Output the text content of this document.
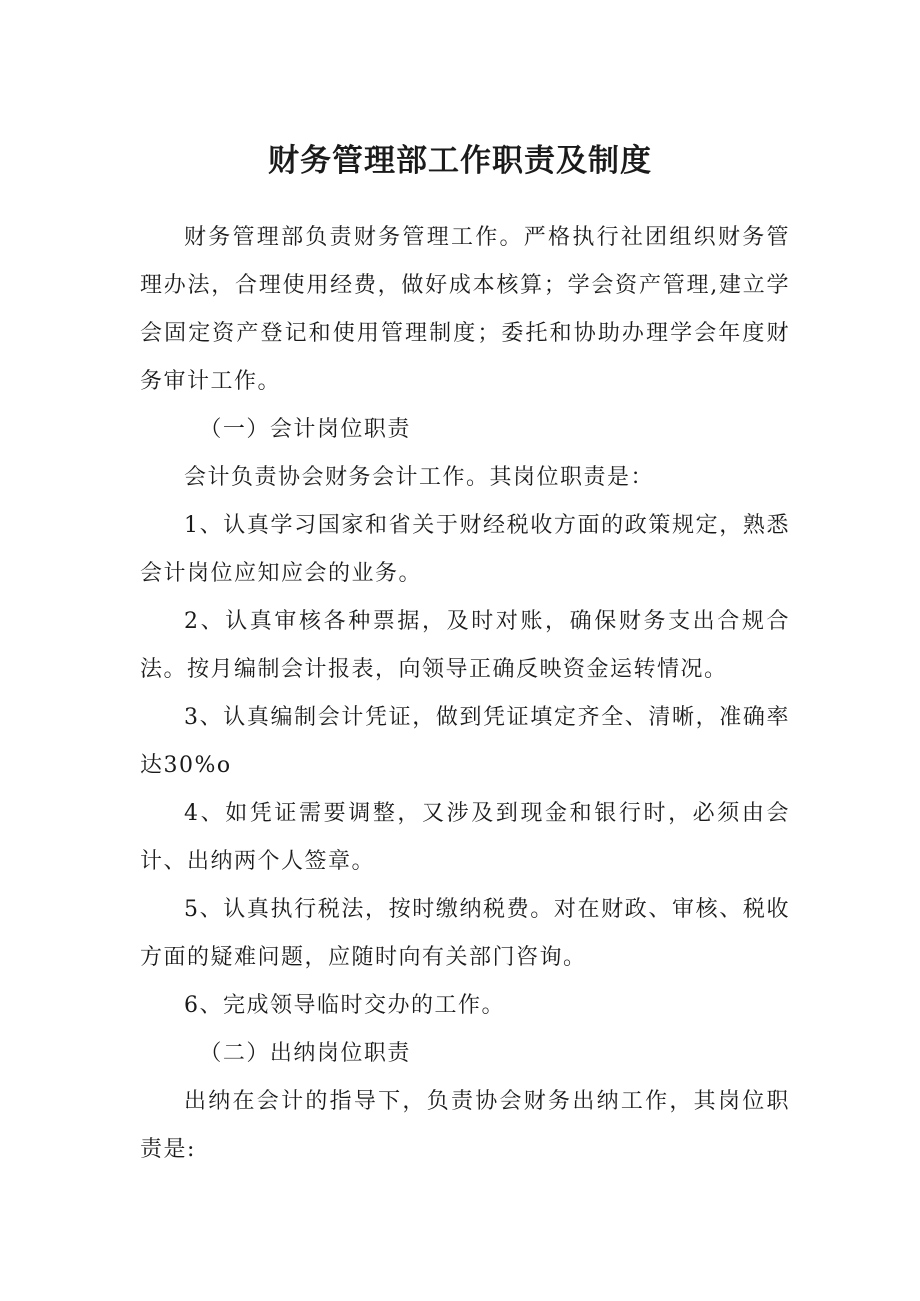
财务管理部工作职责及制度

财务管理部负责财务管理工作。严格执行社团组织财务管理办法，合理使用经费，做好成本核算；学会资产管理,建立学会固定资产登记和使用管理制度；委托和协助办理学会年度财务审计工作。

（一）会计岗位职责

会计负责协会财务会计工作。其岗位职责是：

1、认真学习国家和省关于财经税收方面的政策规定，熟悉会计岗位应知应会的业务。

2、认真审核各种票据，及时对账，确保财务支出合规合法。按月编制会计报表，向领导正确反映资金运转情况。

3、认真编制会计凭证，做到凭证填定齐全、清晰，准确率达30%o

4、如凭证需要调整，又涉及到现金和银行时，必须由会计、出纳两个人签章。

5、认真执行税法，按时缴纳税费。对在财政、审核、税收方面的疑难问题，应随时向有关部门咨询。

6、完成领导临时交办的工作。

（二）出纳岗位职责

出纳在会计的指导下，负责协会财务出纳工作，其岗位职责是:
